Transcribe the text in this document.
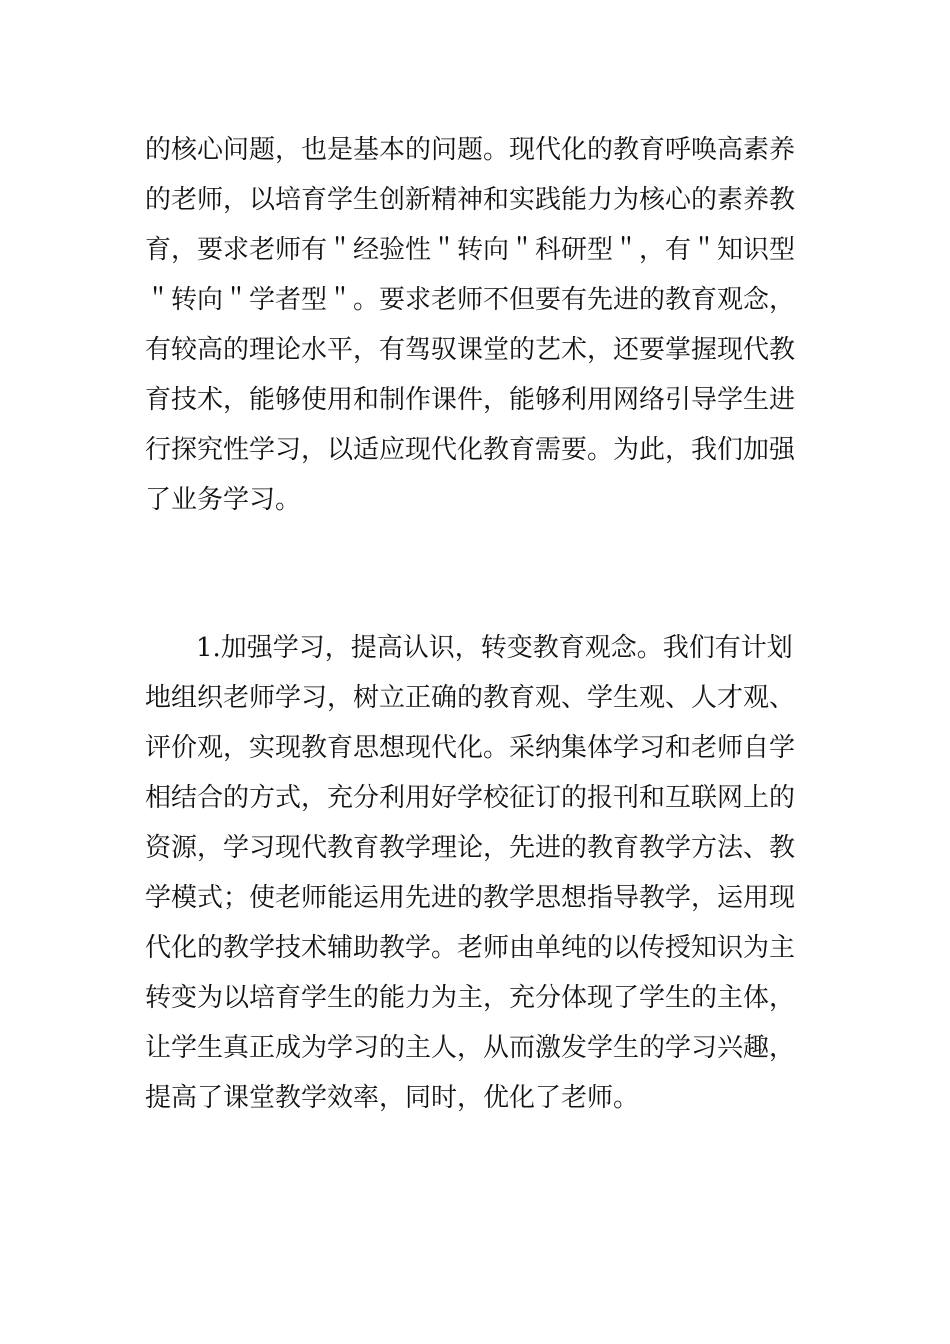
的核心问题，也是基本的问题。现代化的教育呼唤高素养
的老师，以培育学生创新精神和实践能力为核心的素养教
育，要求老师有＂经验性＂转向＂科研型＂，有＂知识型
＂转向＂学者型＂。要求老师不但要有先进的教育观念，
有较高的理论水平，有驾驭课堂的艺术，还要掌握现代教
育技术，能够使用和制作课件，能够利用网络引导学生进
行探究性学习，以适应现代化教育需要。为此，我们加强
了业务学习。
1.加强学习，提高认识，转变教育观念。我们有计划
地组织老师学习，树立正确的教育观、学生观、人才观、
评价观，实现教育思想现代化。采纳集体学习和老师自学
相结合的方式，充分利用好学校征订的报刊和互联网上的
资源，学习现代教育教学理论，先进的教育教学方法、教
学模式；使老师能运用先进的教学思想指导教学，运用现
代化的教学技术辅助教学。老师由单纯的以传授知识为主
转变为以培育学生的能力为主，充分体现了学生的主体，
让学生真正成为学习的主人，从而激发学生的学习兴趣，
提高了课堂教学效率，同时，优化了老师。
